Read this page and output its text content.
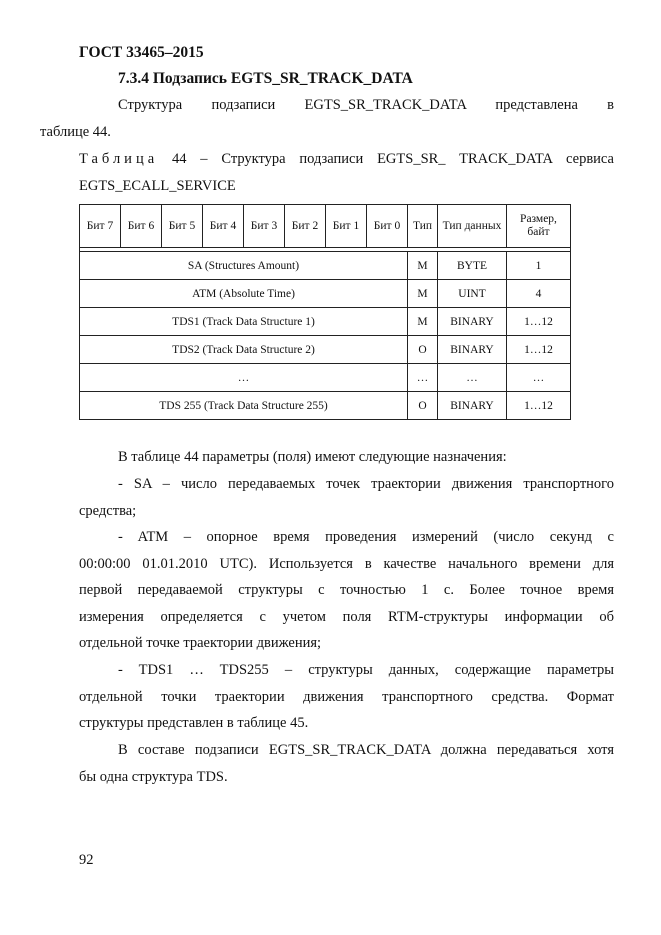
ГОСТ 33465–2015
7.3.4 Подзапись EGTS_SR_TRACK_DATA
Структура подзаписи EGTS_SR_TRACK_DATA представлена в
таблице 44.
Таблица 44 – Структура подзаписи EGTS_SR_ TRACK_DATA сервиса
EGTS_ECALL_SERVICE
Бит 7	Бит 6	Бит 5	Бит 4	Бит 3	Бит 2	Бит 1	Бит 0	Тип	Тип данных	Размер, байт

SA (Structures Amount)								M	BYTE	1
ATM (Absolute Time)								M	UINT	4
TDS1 (Track Data Structure 1)								M	BINARY	1…12
TDS2 (Track Data Structure 2)								O	BINARY	1…12
…								…	…	…
TDS 255 (Track Data Structure 255)								O	BINARY	1…12
В таблице 44 параметры (поля) имеют следующие назначения:
- SA – число передаваемых точек траектории движения транспортного
средства;
- ATM – опорное время проведения измерений (число секунд с
00:00:00 01.01.2010 UTC). Используется в качестве начального времени для
первой передаваемой структуры с точностью 1 с. Более точное время
измерения определяется с учетом поля RTM-структуры информации об
отдельной точке траектории движения;
- TDS1 … TDS255 – структуры данных, содержащие параметры
отдельной точки траектории движения транспортного средства. Формат
структуры представлен в таблице 45.
В составе подзаписи EGTS_SR_TRACK_DATA должна передаваться хотя
бы одна структура TDS.
92
